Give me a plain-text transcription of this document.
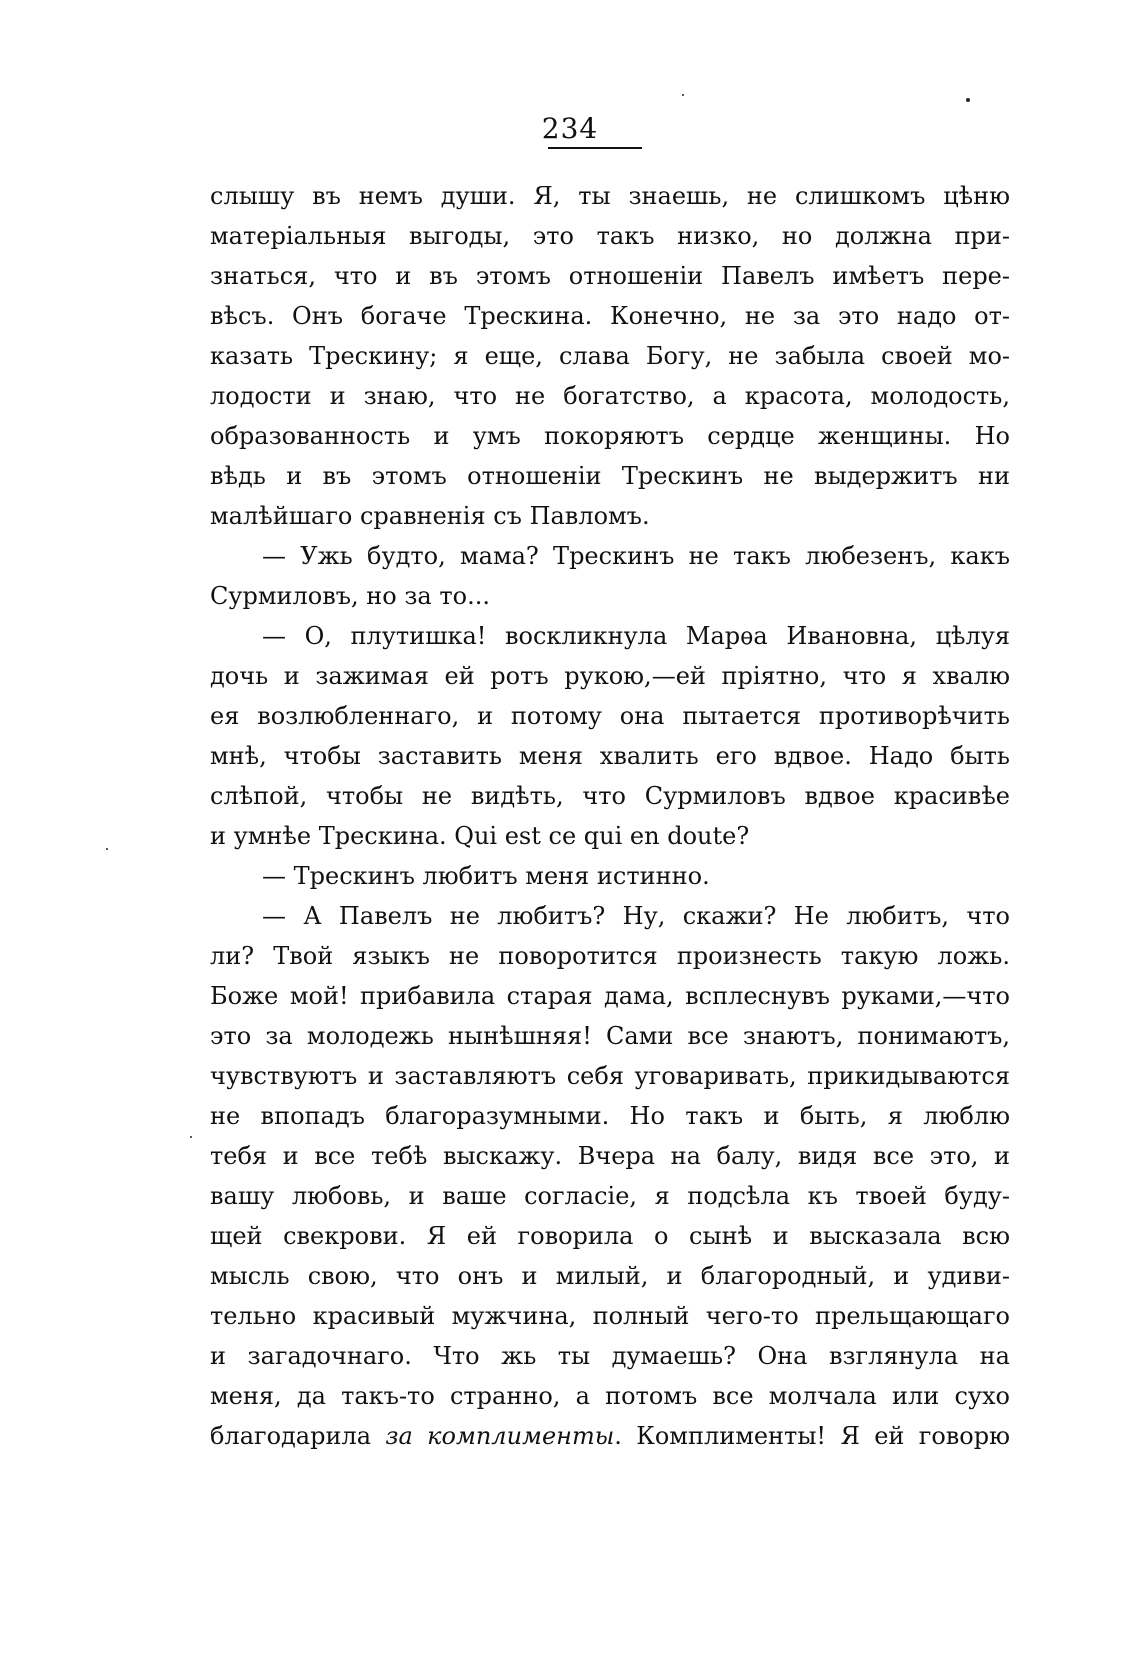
234
слышу въ немъ души. Я, ты знаешь, не слишкомъ цѣню
матеріальныя выгоды, это такъ низко, но должна при-
знаться, что и въ этомъ отношеніи Павелъ имѣетъ пере-
вѣсъ. Онъ богаче Трескина. Конечно, не за это надо от-
казать Трескину; я еще, слава Богу, не забыла своей мо-
лодости и знаю, что не богатство, а красота, молодость,
образованность и умъ покоряютъ сердце женщины. Но
вѣдь и въ этомъ отношеніи Трескинъ не выдержитъ ни
малѣйшаго сравненія съ Павломъ.
— Ужь будто, мама? Трескинъ не такъ любезенъ, какъ
Сурмиловъ, но за то...
— О, плутишка! воскликнула Марѳа Ивановна, цѣлуя
дочь и зажимая ей ротъ рукою,—ей пріятно, что я хвалю
ея возлюбленнаго, и потому она пытается противорѣчить
мнѣ, чтобы заставить меня хвалить его вдвое. Надо быть
слѣпой, чтобы не видѣть, что Сурмиловъ вдвое красивѣе
и умнѣе Трескина. Qui est ce qui en doute?
— Трескинъ любитъ меня истинно.
— А Павелъ не любитъ? Ну, скажи? Не любитъ, что
ли? Твой языкъ не поворотится произнесть такую ложь.
Боже мой! прибавила старая дама, всплеснувъ руками,—что
это за молодежь нынѣшняя! Сами все знаютъ, понимаютъ,
чувствуютъ и заставляютъ себя уговаривать, прикидываются
не впопадъ благоразумными. Но такъ и быть, я люблю
тебя и все тебѣ выскажу. Вчера на балу, видя все это, и
вашу любовь, и ваше согласіе, я подсѣла къ твоей буду-
щей свекрови. Я ей говорила о сынѣ и высказала всю
мысль свою, что онъ и милый, и благородный, и удиви-
тельно красивый мужчина, полный чего-то прельщающаго
и загадочнаго. Что жь ты думаешь? Она взглянула на
меня, да такъ-то странно, а потомъ все молчала или сухо
благодарила за комплименты. Комплименты! Я ей говорю
